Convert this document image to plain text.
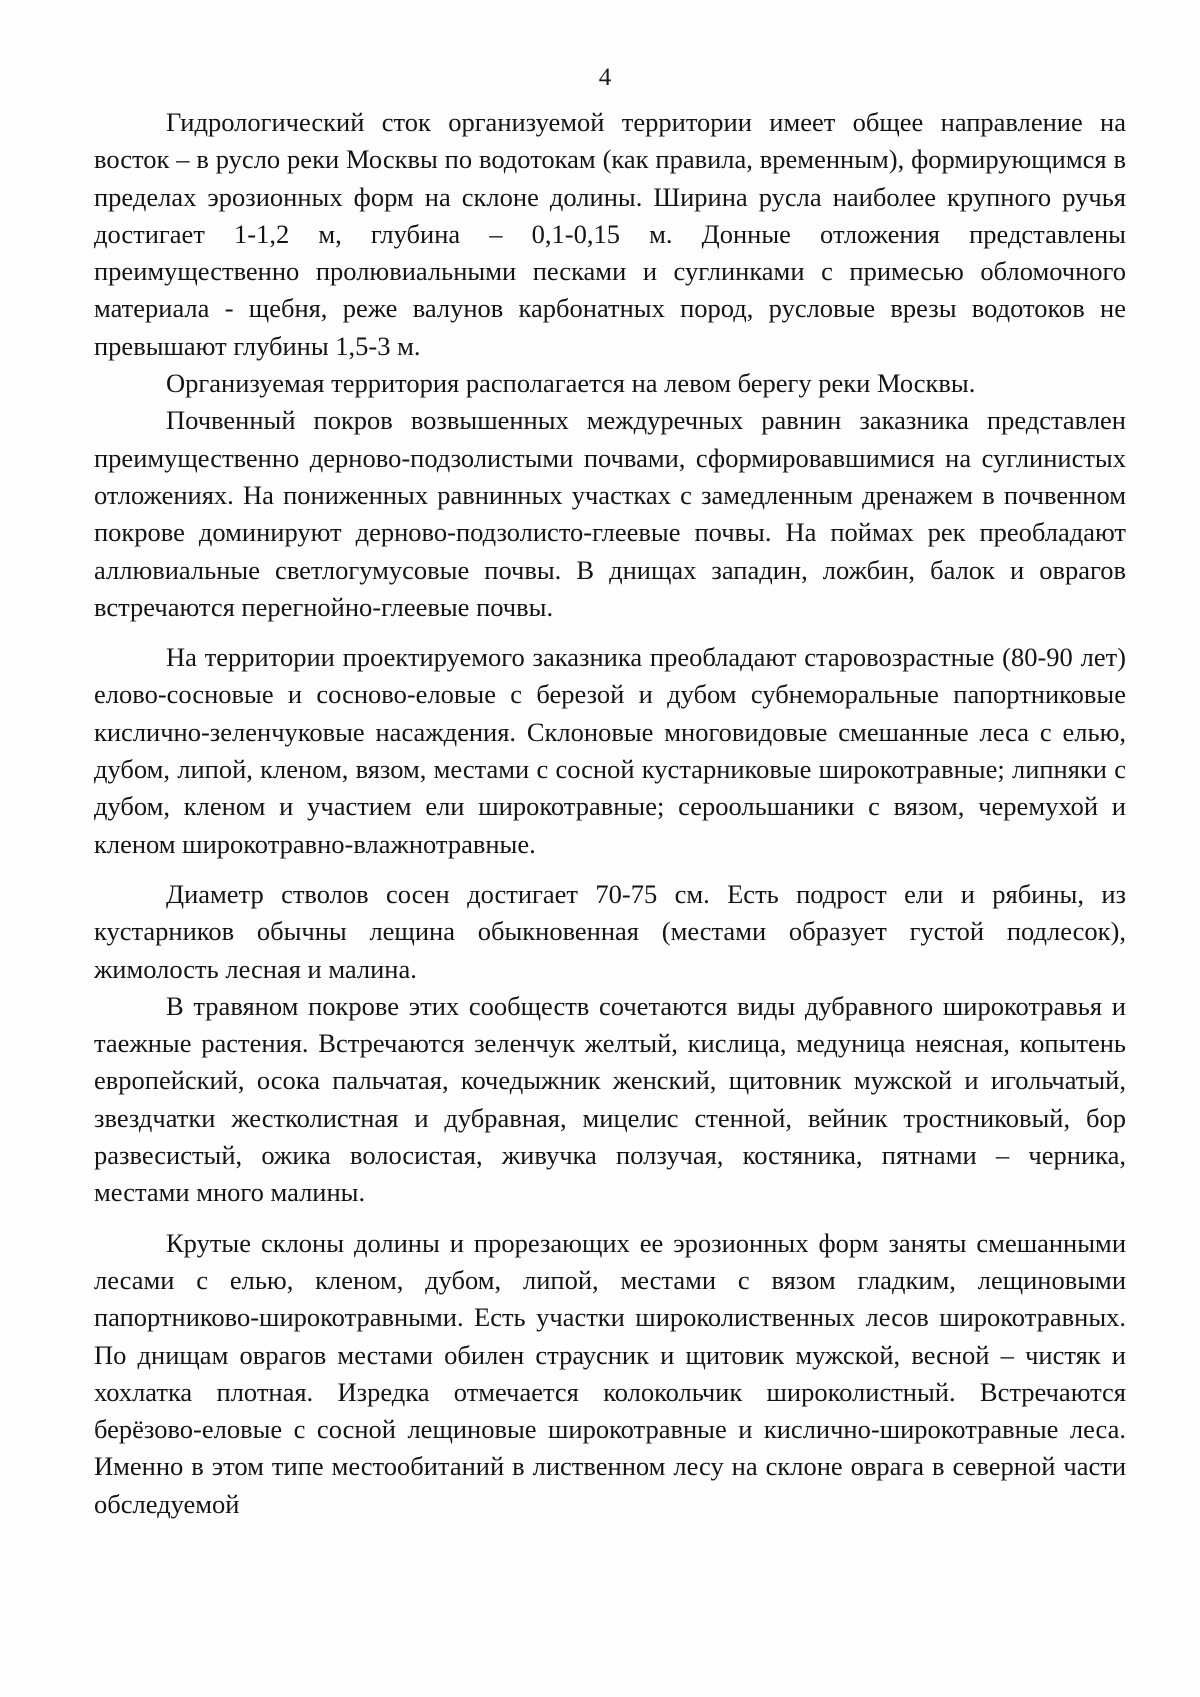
4

Гидрологический сток организуемой территории имеет общее направление на восток – в русло реки Москвы по водотокам (как правила, временным), формирующимся в пределах эрозионных форм на склоне долины. Ширина русла наиболее крупного ручья достигает 1-1,2 м, глубина – 0,1-0,15 м. Донные отложения представлены преимущественно пролювиальными песками и суглинками с примесью обломочного материала - щебня, реже валунов карбонатных пород, русловые врезы водотоков не превышают глубины 1,5-3 м.

Организуемая территория располагается на левом берегу реки Москвы.

Почвенный покров возвышенных междуречных равнин заказника представлен преимущественно дерново-подзолистыми почвами, сформировавшимися на суглинистых отложениях. На пониженных равнинных участках с замедленным дренажем в почвенном покрове доминируют дерново-подзолисто-глеевые почвы. На поймах рек преобладают аллювиальные светлогумусовые почвы. В днищах западин, ложбин, балок и оврагов встречаются перегнойно-глеевые почвы.

На территории проектируемого заказника преобладают старовозрастные (80-90 лет) елово-сосновые и сосново-еловые с березой и дубом субнеморальные папортниковые кислично-зеленчуковые насаждения. Склоновые многовидовые смешанные леса с елью, дубом, липой, кленом, вязом, местами с сосной кустарниковые широкотравные; липняки с дубом, кленом и участием ели широкотравные; сероольшаники с вязом, черемухой и кленом широкотравно-влажнотравные.

Диаметр стволов сосен достигает 70-75 см. Есть подрост ели и рябины, из кустарников обычны лещина обыкновенная (местами образует густой подлесок), жимолость лесная и малина.

В травяном покрове этих сообществ сочетаются виды дубравного широкотравья и таежные растения. Встречаются зеленчук желтый, кислица, медуница неясная, копытень европейский, осока пальчатая, кочедыжник женский, щитовник мужской и игольчатый, звездчатки жестколистная и дубравная, мицелис стенной, вейник тростниковый, бор развесистый, ожика волосистая, живучка ползучая, костяника, пятнами – черника, местами много малины.

Крутые склоны долины и прорезающих ее эрозионных форм заняты смешанными лесами с елью, кленом, дубом, липой, местами с вязом гладким, лещиновыми папортниково-широкотравными. Есть участки широколиственных лесов широкотравных. По днищам оврагов местами обилен страусник и щитовик мужской, весной – чистяк и хохлатка плотная. Изредка отмечается колокольчик широколистный. Встречаются берёзово-еловые с сосной лещиновые широкотравные и кислично-широкотравные леса. Именно в этом типе местообитаний в лиственном лесу на склоне оврага в северной части обследуемой
